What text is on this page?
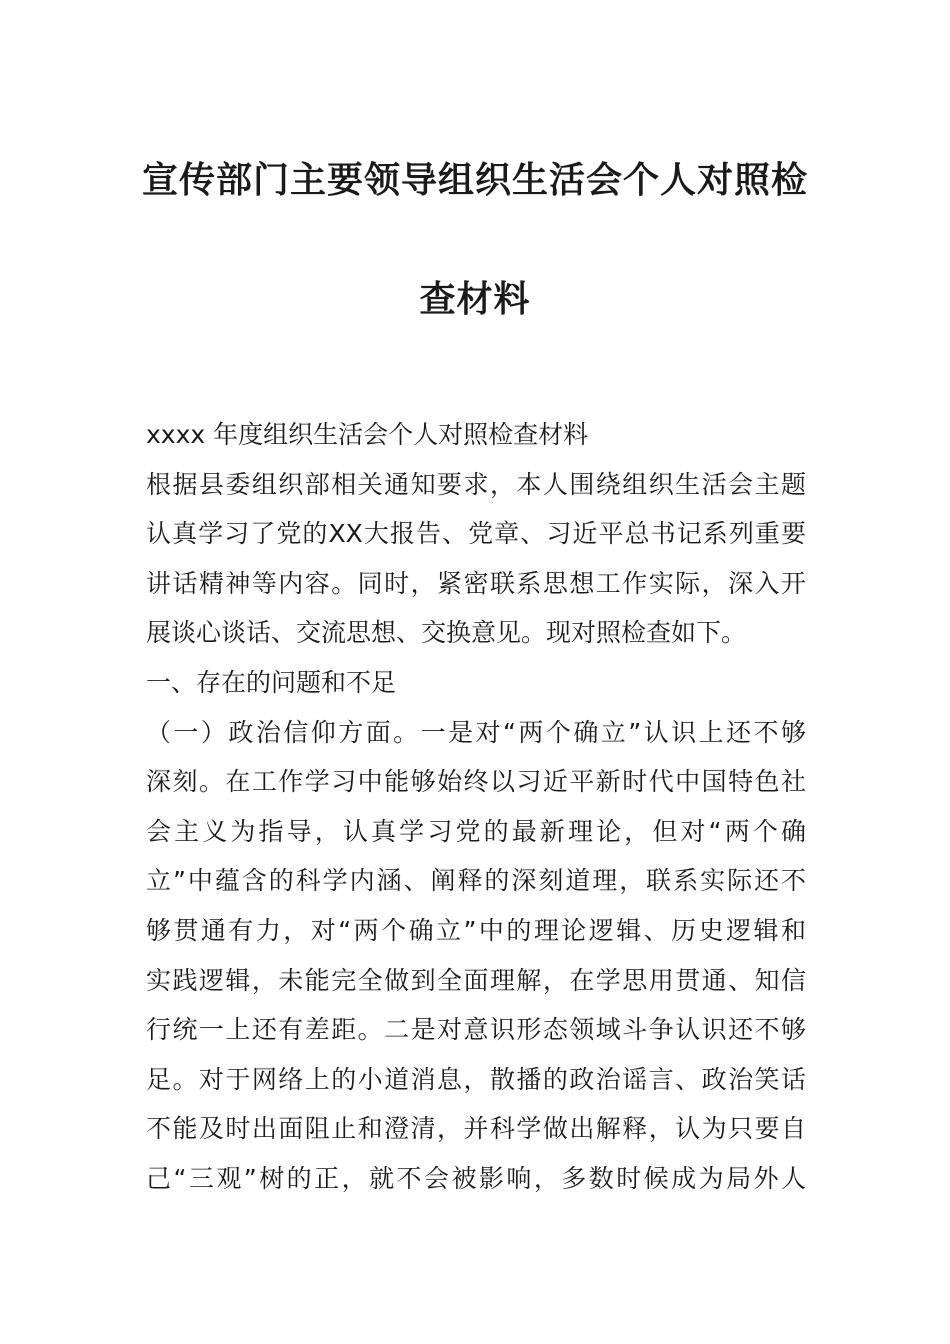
宣传部门主要领导组织生活会个人对照检
查材料
xxxx 年度组织生活会个人对照检查材料
根据县委组织部相关通知要求，本人围绕组织生活会主题
认真学习了党的XX大报告、党章、习近平总书记系列重要
讲话精神等内容。同时，紧密联系思想工作实际，深入开
展谈心谈话、交流思想、交换意见。现对照检查如下。
一、存在的问题和不足
（一）政治信仰方面。一是对“两个确立”认识上还不够
深刻。在工作学习中能够始终以习近平新时代中国特色社
会主义为指导，认真学习党的最新理论，但对“两个确
立”中蕴含的科学内涵、阐释的深刻道理，联系实际还不
够贯通有力，对“两个确立”中的理论逻辑、历史逻辑和
实践逻辑，未能完全做到全面理解，在学思用贯通、知信
行统一上还有差距。二是对意识形态领域斗争认识还不够
足。对于网络上的小道消息，散播的政治谣言、政治笑话
不能及时出面阻止和澄清，并科学做出解释，认为只要自
己“三观”树的正，就不会被影响，多数时候成为局外人
